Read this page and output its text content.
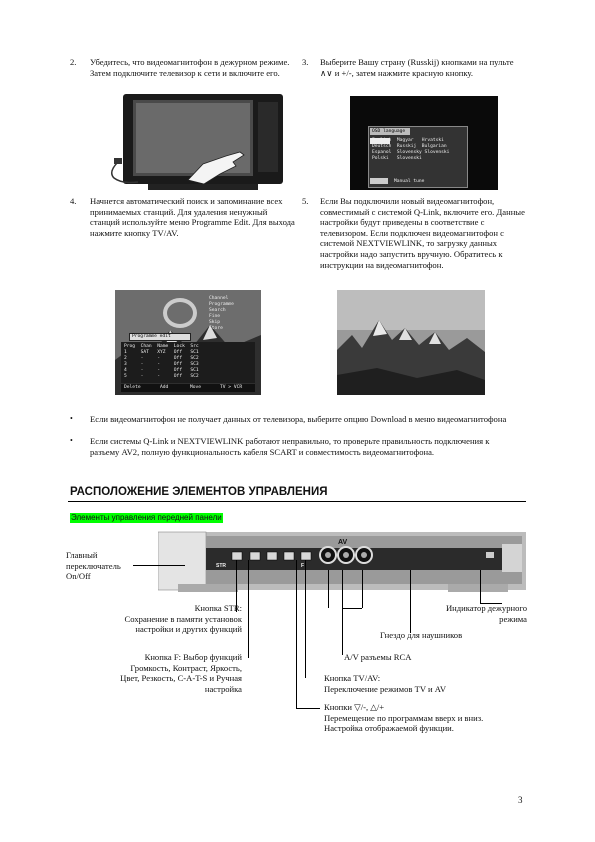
2.	Убедитесь, что видеомагнитофон в дежурном режиме. Затем подключите телевизор к сети и включите его.
3.	Выберите Вашу страну (Russkij) кнопками на пульте ∧∨ и +/-, затем нажмите красную кнопку.
OSD language
English  Magyar   Hrvatski
Deutsch  Russkij  Bulgarian
Espanol  Slovensky Slovenski
Polski   Slovenski
Manual tune
4.	Начнется автоматический поиск и запоминание всех принимаемых станций. Для удаления ненужный станций используйте меню Programme Edit. Для выхода нажмите кнопку TV/AV.
5.	Если Вы подключили новый видеомагнитофон, совместимый с системой Q-Link, включите его. Данные настройки будут приведены в соответствие с телевизором. Если подключен видеомагнитофон с системой NEXTVIEWLINK, то загрузку данных настройки надо запустить вручную. Обратитесь к инструкции на видеомагнитофон.
Channel
Programme
Search
Fine
Skip
Store
Programme edit
Prog  Chan  Name  Lock  Src
1     SAT   XYZ   Off   SC1
2     -     -     Off   SC2
3     -     -     Off   SC3
4     -     -     Off   SC1
5     -     -     Off   SC2
Delete	Add	Move	TV > VCR
• Если видеомагнитофон не получает данных от телевизора, выберите опцию Download в меню видеомагнитофона
• Если системы Q-Link и NEXTVIEWLINK работают неправильно, то проверьте правильность подключения к разъему AV2, полную функциональность кабеля SCART и совместимость видеомагнитофона.
РАСПОЛОЖЕНИЕ ЭЛЕМЕНТОВ УПРАВЛЕНИЯ
Элементы управления передней панели
STR	F
AV
Главный
переключатель
On/Off
Кнопка STR:
Сохранение в памяти установок
настройки и других функций
Кнопка F: Выбор функций
Громкость, Контраст, Яркость,
Цвет, Резкость, C-A-T-S и Ручная
настройка
Индикатор дежурного
режима
Гнездо для наушников
A/V разъемы RCA
Кнопка TV/AV:
Переключение режимов TV и AV
Кнопки ▽/-, △/+
Перемещение по программам вверх и вниз.
Настройка отображаемой функции.
3
